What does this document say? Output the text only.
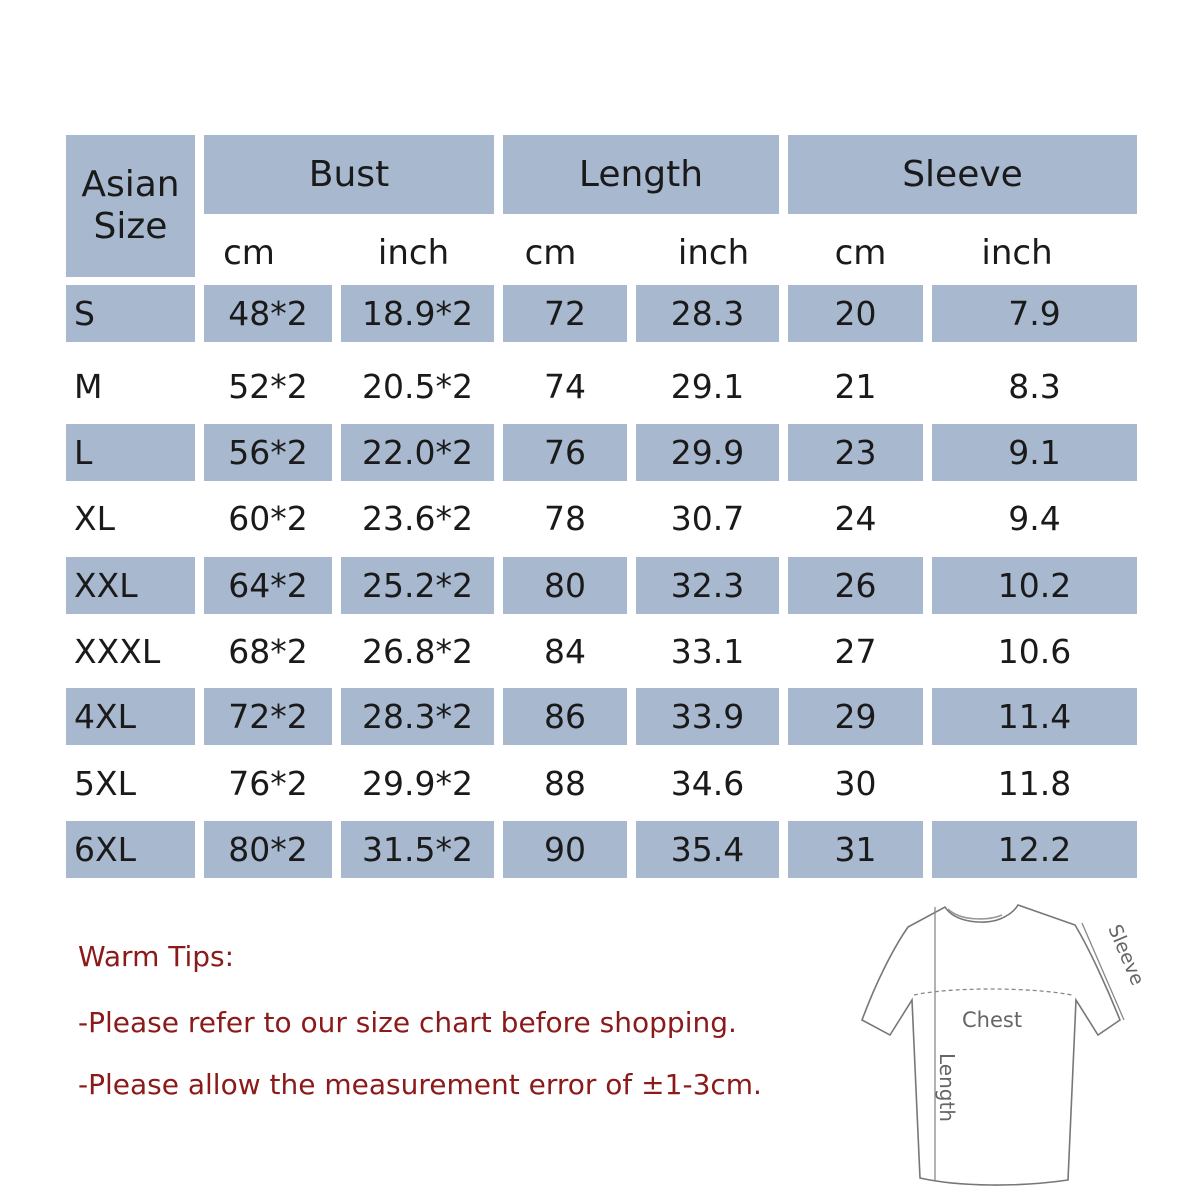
Asian
Size
Bust	Length	Sleeve
cm	inch	cm	inch	cm	inch
S	48*2	18.9*2	72	28.3	20	7.9
M	52*2	20.5*2	74	29.1	21	8.3
L	56*2	22.0*2	76	29.9	23	9.1
XL	60*2	23.6*2	78	30.7	24	9.4
XXL	64*2	25.2*2	80	32.3	26	10.2
XXXL	68*2	26.8*2	84	33.1	27	10.6
4XL	72*2	28.3*2	86	33.9	29	11.4
5XL	76*2	29.9*2	88	34.6	30	11.8
6XL	80*2	31.5*2	90	35.4	31	12.2
Warm Tips:
-Please refer to our size chart before shopping.
-Please allow the measurement error of ±1-3cm.
Chest
Length
Sleeve
